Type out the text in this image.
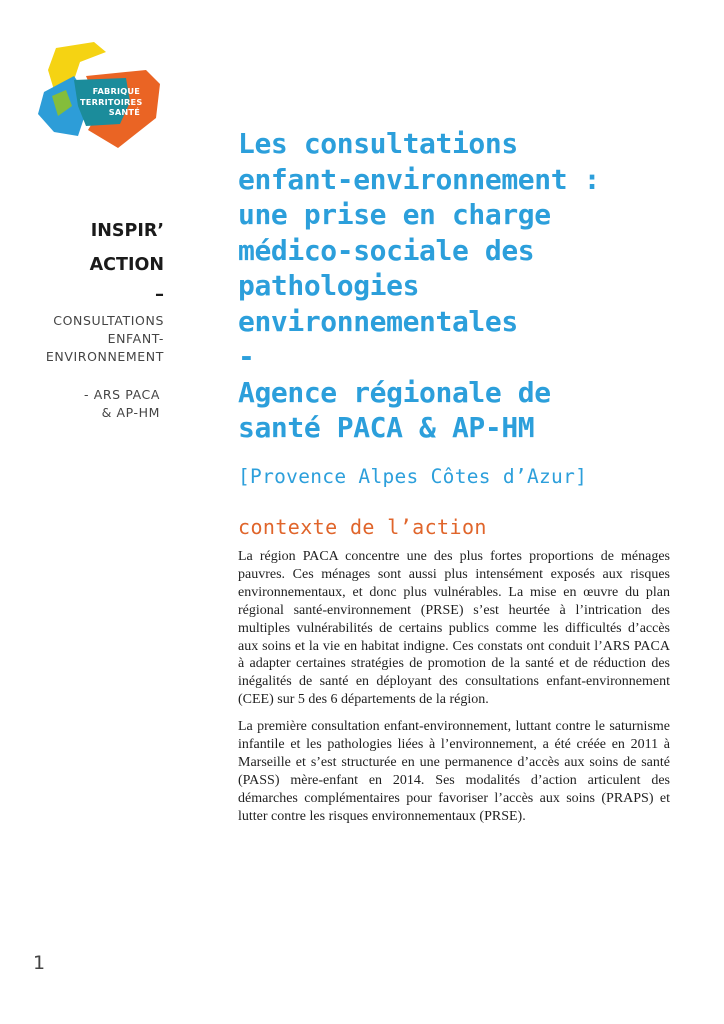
FABRIQUE
TERRITOIRES
SANTÉ
INSPIR’
ACTION
–
CONSULTATIONS
ENFANT-
ENVIRONNEMENT
- ARS PACA
& AP-HM
Les consultations
enfant-environnement :
une prise en charge
médico-sociale des
pathologies
environnementales
-
Agence régionale de
santé PACA & AP-HM
[Provence Alpes Côtes d’Azur]
contexte de l’action

La région PACA concentre une des plus fortes proportions de ménages pauvres. Ces ménages sont aussi plus intensément exposés aux risques environnementaux, et donc plus vulnérables. La mise en œuvre du plan régional santé-environnement (PRSE) s’est heurtée à l’intrication des multiples vulnérabilités de certains publics comme les difficultés d’accès aux soins et la vie en habitat indigne. Ces constats ont conduit l’ARS PACA à adapter certaines stratégies de promotion de la santé et de réduction des inégalités de santé en déployant des consultations enfant-environnement (CEE) sur 5 des 6 départements de la région.

La première consultation enfant-environnement, luttant contre le saturnisme infantile et les pathologies liées à l’environnement, a été créée en 2011 à Marseille et s’est structurée en une permanence d’accès aux soins de santé (PASS) mère-enfant en 2014. Ses modalités d’action articulent des démarches complémentaires pour favoriser l’accès aux soins (PRAPS) et lutter contre les risques environnementaux (PRSE).

1
